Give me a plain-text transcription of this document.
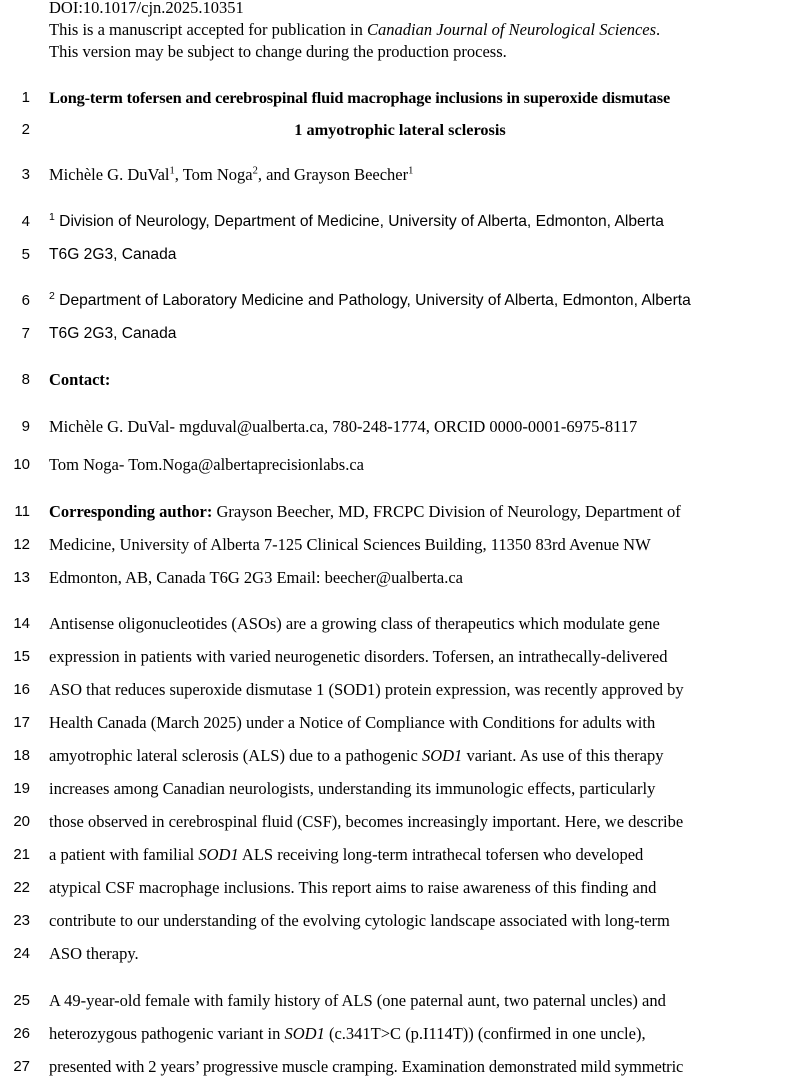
DOI:10.1017/cjn.2025.10351
This is a manuscript accepted for publication in Canadian Journal of Neurological Sciences.
This version may be subject to change during the production process.
1
2
3
4
5
6
7
8
9
10
11
12
13
14
15
16
17
18
19
20
21
22
23
24
25
26
27
Long-term tofersen and cerebrospinal fluid macrophage inclusions in superoxide dismutase
1 amyotrophic lateral sclerosis
Michèle G. DuVal$^1$, Tom Noga$^2$, and Grayson Beecher$^1$
$^1$ Division of Neurology, Department of Medicine, University of Alberta, Edmonton, Alberta
T6G 2G3, Canada
$^2$ Department of Laboratory Medicine and Pathology, University of Alberta, Edmonton, Alberta
T6G 2G3, Canada
Contact:
Michèle G. DuVal- mgduval@ualberta.ca, 780-248-1774, ORCID 0000-0001-6975-8117
Tom Noga- Tom.Noga@albertaprecisionlabs.ca
Corresponding author: Grayson Beecher, MD, FRCPC Division of Neurology, Department of
Medicine, University of Alberta 7-125 Clinical Sciences Building, 11350 83rd Avenue NW
Edmonton, AB, Canada T6G 2G3 Email: beecher@ualberta.ca
Antisense oligonucleotides (ASOs) are a growing class of therapeutics which modulate gene
expression in patients with varied neurogenetic disorders. Tofersen, an intrathecally-delivered
ASO that reduces superoxide dismutase 1 (SOD1) protein expression, was recently approved by
Health Canada (March 2025) under a Notice of Compliance with Conditions for adults with
amyotrophic lateral sclerosis (ALS) due to a pathogenic SOD1 variant. As use of this therapy
increases among Canadian neurologists, understanding its immunologic effects, particularly
those observed in cerebrospinal fluid (CSF), becomes increasingly important. Here, we describe
a patient with familial SOD1 ALS receiving long-term intrathecal tofersen who developed
atypical CSF macrophage inclusions. This report aims to raise awareness of this finding and
contribute to our understanding of the evolving cytologic landscape associated with long-term
ASO therapy.
A 49-year-old female with family history of ALS (one paternal aunt, two paternal uncles) and
heterozygous pathogenic variant in SOD1 (c.341T>C (p.I114T)) (confirmed in one uncle),
presented with 2 years’ progressive muscle cramping. Examination demonstrated mild symmetric
